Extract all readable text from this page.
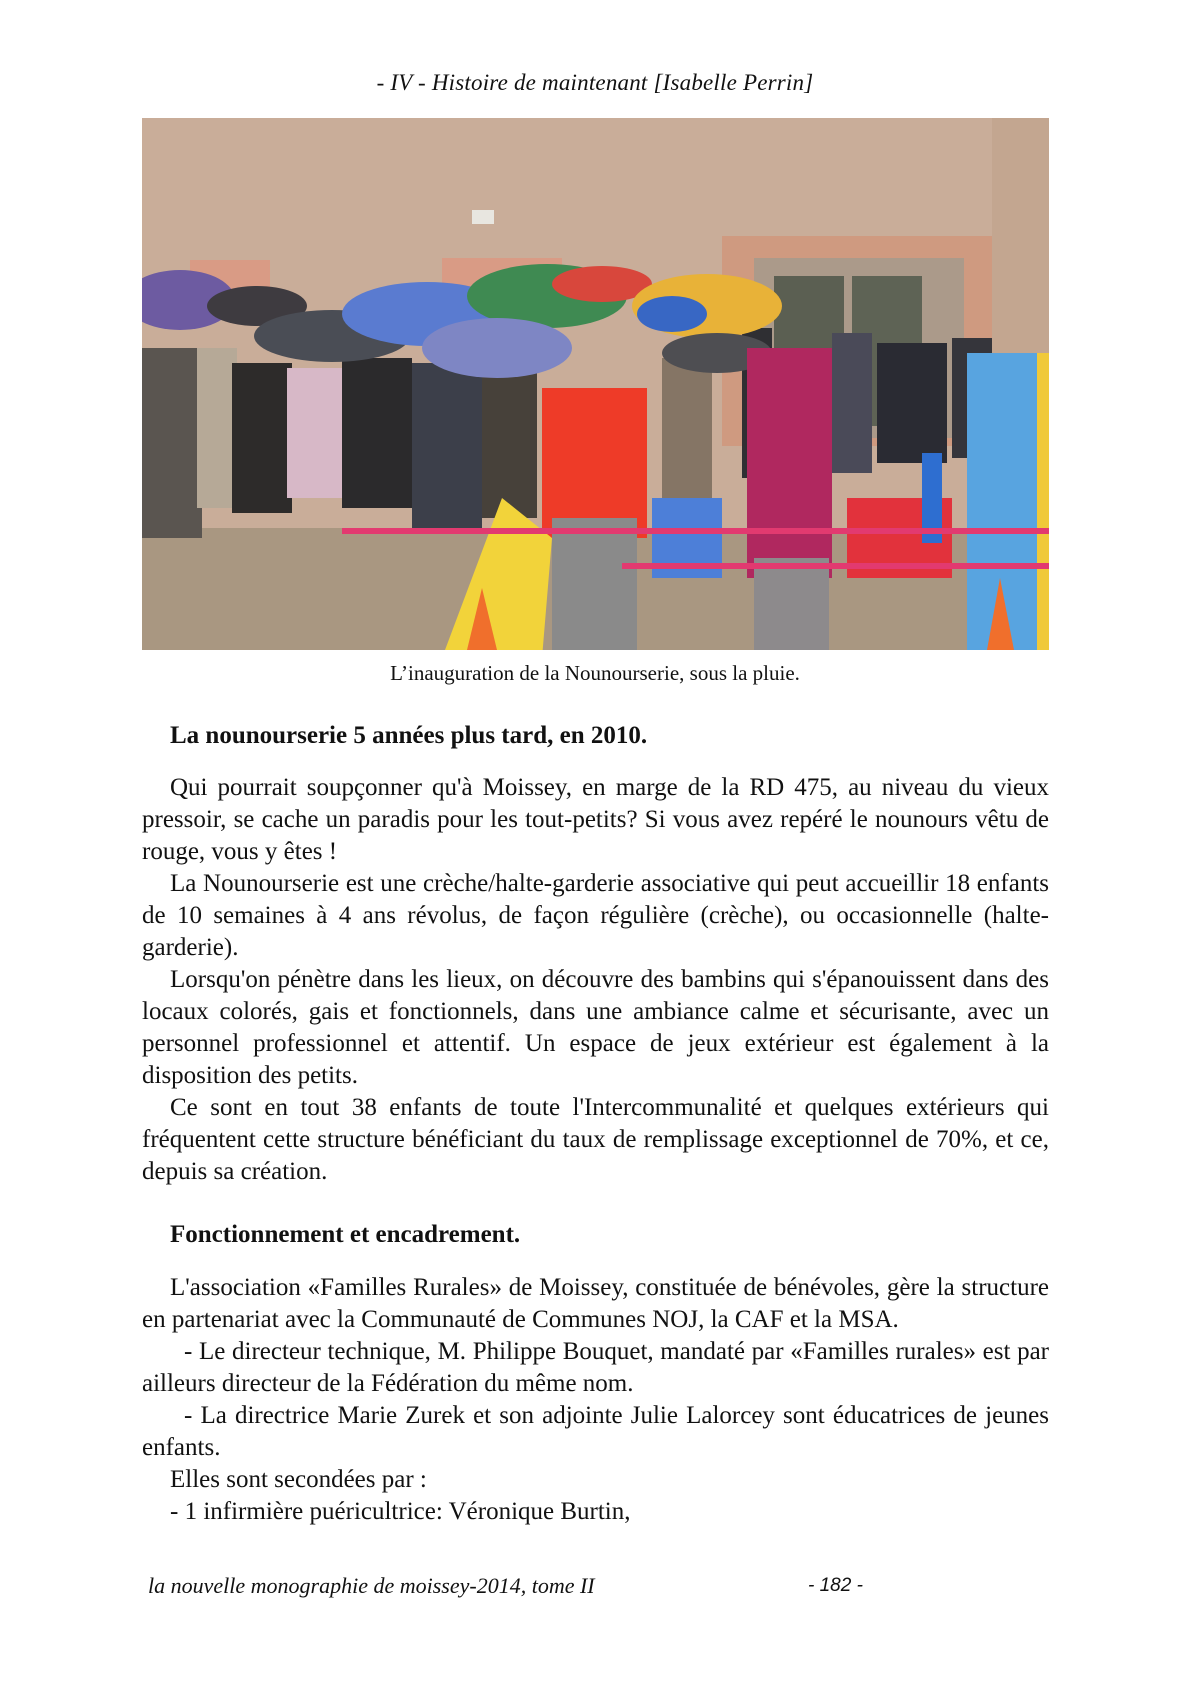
- IV - Histoire de maintenant [Isabelle Perrin]
L’inauguration de la Nounourserie, sous la pluie.
La nounourserie 5 années plus tard, en 2010.

Qui pourrait soupçonner qu'à Moissey, en marge de la RD 475, au niveau du vieux pressoir, se cache un paradis pour les tout-petits? Si vous avez repéré le nounours vêtu de rouge, vous y êtes !

La Nounourserie est une crèche/halte-garderie associative qui peut accueillir 18 enfants de 10 semaines à 4 ans révolus, de façon régulière (crèche), ou occasionnelle (halte-garderie).

Lorsqu'on pénètre dans les lieux, on découvre des bambins qui s'épanouissent dans des locaux colorés, gais et fonctionnels, dans une ambiance calme et sécurisante, avec un personnel professionnel et attentif. Un espace de jeux extérieur est également à la disposition des petits.

Ce sont en tout 38 enfants de toute l'Intercommunalité et quelques extérieurs qui fréquentent cette structure bénéficiant du taux de remplissage exceptionnel de 70%, et ce, depuis sa création.

Fonctionnement et encadrement.

L'association «Familles Rurales» de Moissey, constituée de bénévoles, gère la structure en partenariat avec la Communauté de Communes NOJ, la CAF et la MSA.

- Le directeur technique, M. Philippe Bouquet, mandaté par «Familles rurales» est par ailleurs directeur de la Fédération du même nom.

- La directrice Marie Zurek et son adjointe Julie Lalorcey sont éducatrices de jeunes enfants.

Elles sont secondées par :

- 1 infirmière puéricultrice: Véronique Burtin,

la nouvelle monographie de moissey-2014, tome II	- 182 -
